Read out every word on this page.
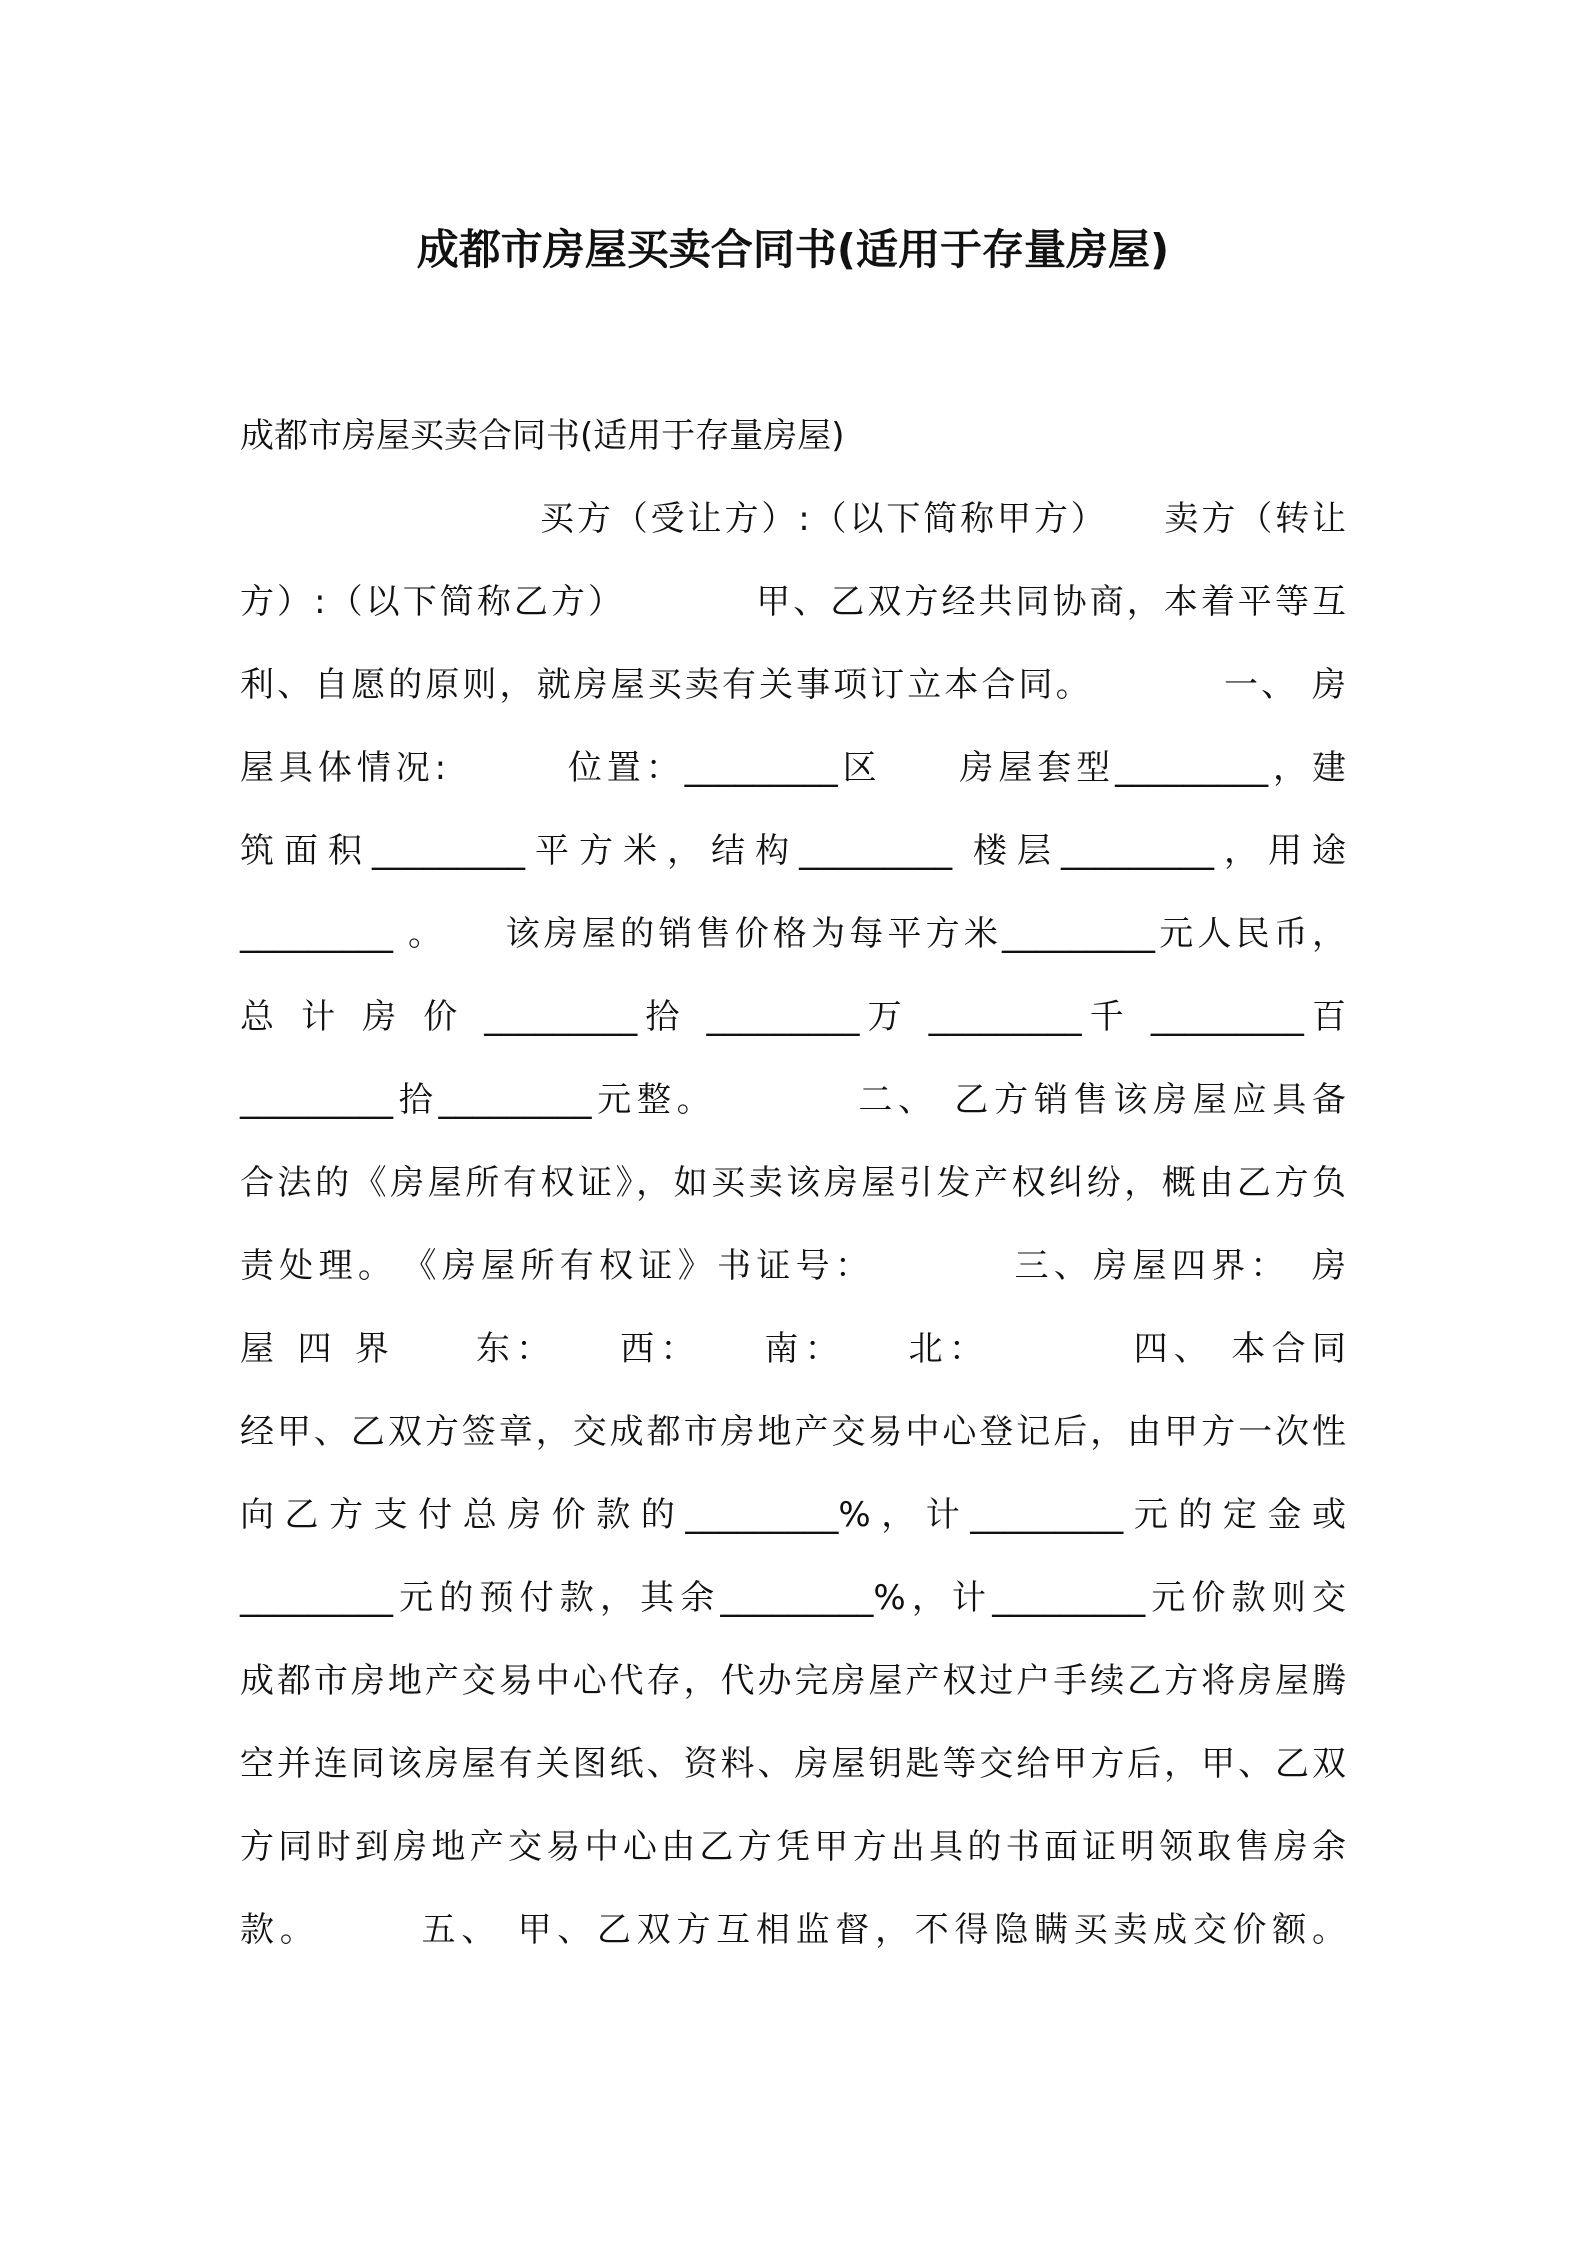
成都市房屋买卖合同书(适用于存量房屋)
成都市房屋买卖合同书(适用于存量房屋)
买方（受让方）:（以下简称甲方）　　卖方（转让
方）:（以下简称乙方）　　　　甲、乙双方经共同协商，本着平等互
利、自愿的原则，就房屋买卖有关事项订立本合同。　　　　一、 房
屋具体情况:　　　位置：_________区　　房屋套型_________，建
筑面积_________平方米，结构_________ 楼层_________，用途
_________ 。　　该房屋的销售价格为每平方米_________元人民币，
总 计 房 价 _________拾 _________万 _________千 _________百
_________拾_________元整。　　　　二、 乙方销售该房屋应具备
合法的《房屋所有权证》，如买卖该房屋引发产权纠纷，概由乙方负
责处理。　《房屋所有权证》书证号：　　　　三、房屋四界：　房
屋 四 界　　东：　　西：　　南：　　北：　　　　四、 本合同
经甲、乙双方签章，交成都市房地产交易中心登记后，由甲方一次性
向乙方支付总房价款的_________%，计_________元的定金或
_________元的预付款，其余_________%，计_________元价款则交
成都市房地产交易中心代存，代办完房屋产权过户手续乙方将房屋腾
空并连同该房屋有关图纸、资料、房屋钥匙等交给甲方后，甲、乙双
方同时到房地产交易中心由乙方凭甲方出具的书面证明领取售房余
款。　　　五、 甲、乙双方互相监督，不得隐瞒买卖成交价额。
